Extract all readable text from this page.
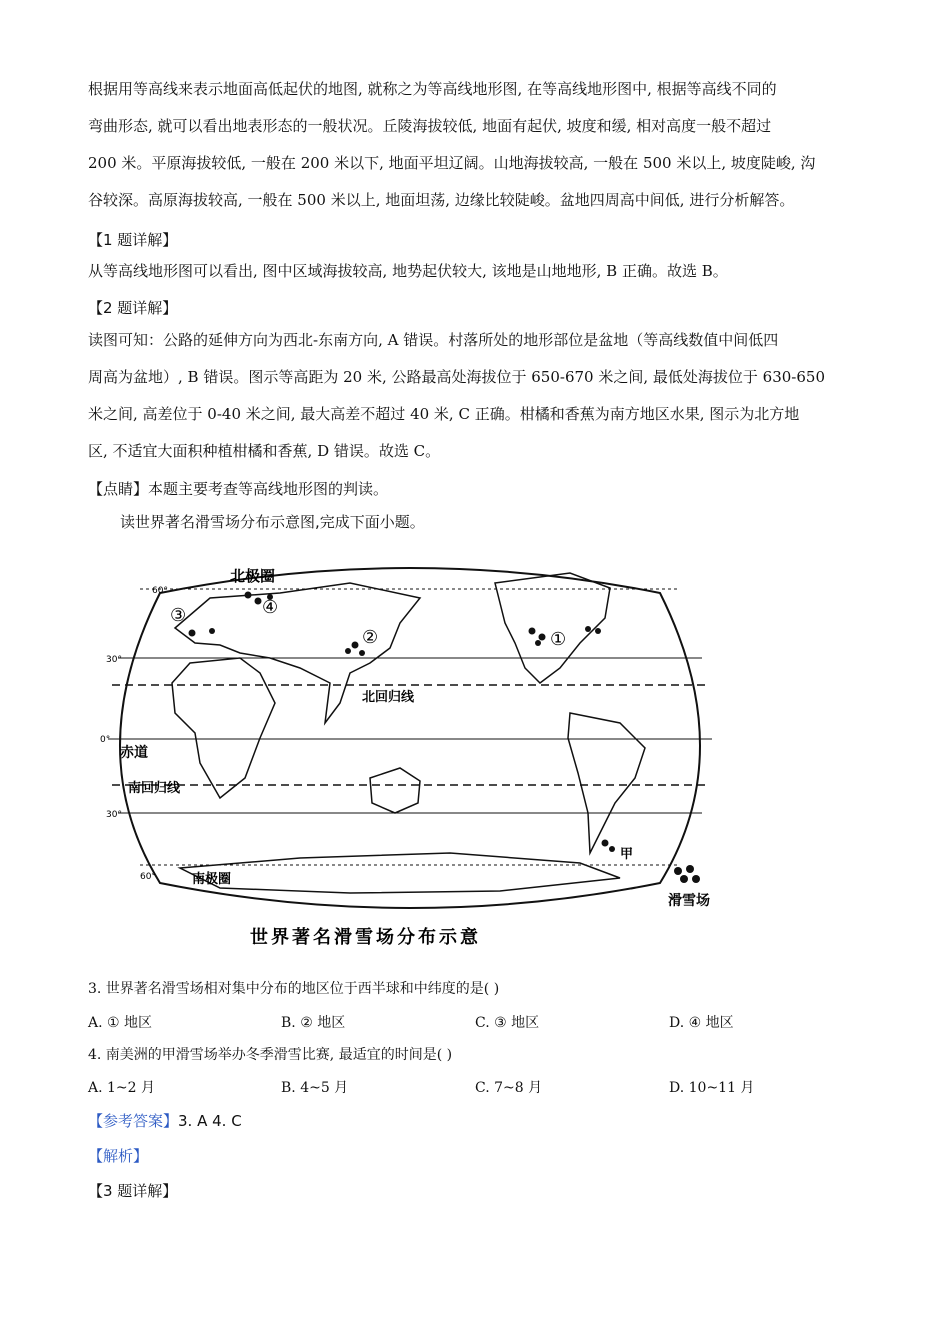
根据用等高线来表示地面高低起伏的地图, 就称之为等高线地形图, 在等高线地形图中, 根据等高线不同的
弯曲形态, 就可以看出地表形态的一般状况。丘陵海拔较低, 地面有起伏, 坡度和缓, 相对高度一般不超过
200 米。平原海拔较低, 一般在 200 米以下, 地面平坦辽阔。山地海拔较高, 一般在 500 米以上, 坡度陡峻, 沟
谷较深。高原海拔较高, 一般在 500 米以上, 地面坦荡, 边缘比较陡峻。盆地四周高中间低, 进行分析解答。
【1 题详解】
从等高线地形图可以看出, 图中区域海拔较高, 地势起伏较大, 该地是山地地形, B 正确。故选 B。
【2 题详解】
读图可知：公路的延伸方向为西北-东南方向, A 错误。村落所处的地形部位是盆地（等高线数值中间低四
周高为盆地）, B 错误。图示等高距为 20 米, 公路最高处海拔位于 650-670 米之间, 最低处海拔位于 630-650
米之间, 高差位于 0-40 米之间, 最大高差不超过 40 米, C 正确。柑橘和香蕉为南方地区水果, 图示为北方地
区, 不适宜大面积种植柑橘和香蕉, D 错误。故选 C。
【点睛】本题主要考查等高线地形图的判读。
读世界著名滑雪场分布示意图,完成下面小题。
北极圈
北回归线
赤道
南回归线
南极圈
滑雪场
甲
①
②
③	④
60°
30°
0°
30°
60°
世界著名滑雪场分布示意
3. 世界著名滑雪场相对集中分布的地区位于西半球和中纬度的是( )
A. ① 地区	B. ② 地区	C. ③ 地区	D. ④ 地区
4. 南美洲的甲滑雪场举办冬季滑雪比赛, 最适宜的时间是( )
A. 1~2 月	B. 4~5 月	C. 7~8 月	D. 10~11 月
【参考答案】3. A 4. C
【解析】
【3 题详解】
